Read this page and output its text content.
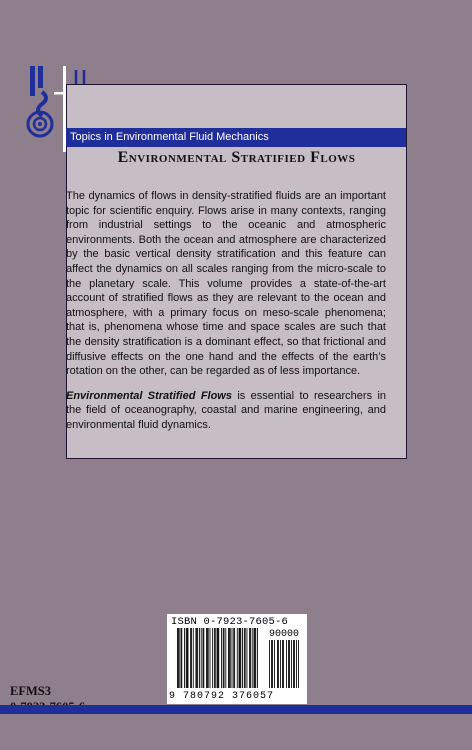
Topics in Environmental Fluid Mechanics
Environmental Stratified Flows

The dynamics of flows in density-stratified fluids are an important topic for scientific enquiry. Flows arise in many contexts, ranging from industrial settings to the oceanic and atmospheric environments. Both the ocean and atmosphere are characterized by the basic vertical density stratification and this feature can affect the dynamics on all scales ranging from the micro-scale to the planetary scale. This volume provides a state-of-the-art account of stratified flows as they are relevant to the ocean and atmosphere, with a primary focus on meso-scale phenomena; that is, phenomena whose time and space scales are such that the density stratification is a dominant effect, so that frictional and diffusive effects on the one hand and the effects of the earth’s rotation on the other, can be regarded as of less importance.

Environmental Stratified Flows is essential to researchers in the field of oceanography, coastal and marine engineering, and environmental fluid dynamics.

ISBN 0-7923-7605-6
90000
9 780792 376057
EFMS3
